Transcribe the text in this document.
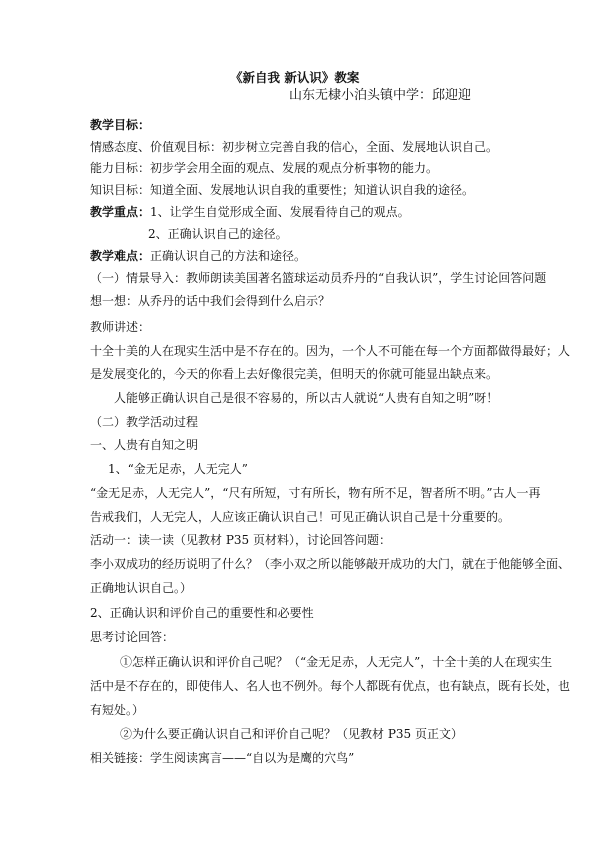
《新自我 新认识》教案
山东无棣小泊头镇中学：邱迎迎
教学目标：
情感态度、价值观目标：初步树立完善自我的信心，全面、发展地认识自己。
能力目标：初步学会用全面的观点、发展的观点分析事物的能力。
知识目标：知道全面、发展地认识自我的重要性；知道认识自我的途径。
教学重点：1、让学生自觉形成全面、发展看待自己的观点。
2、正确认识自己的途径。
教学难点：正确认识自己的方法和途径。
（一）情景导入：教师朗读美国著名篮球运动员乔丹的“自我认识”，学生讨论回答问题
想一想：从乔丹的话中我们会得到什么启示？
教师讲述：
十全十美的人在现实生活中是不存在的。因为，一个人不可能在每一个方面都做得最好；人
是发展变化的，今天的你看上去好像很完美，但明天的你就可能显出缺点来。
人能够正确认识自己是很不容易的，所以古人就说“人贵有自知之明”呀！
（二）教学活动过程
一、人贵有自知之明
1、“金无足赤，人无完人”
“金无足赤，人无完人”，“尺有所短，寸有所长，物有所不足，智者所不明。”古人一再
告戒我们，人无完人，人应该正确认识自己！可见正确认识自己是十分重要的。
活动一：读一读（见教材 P35 页材料），讨论回答问题：
李小双成功的经历说明了什么？（李小双之所以能够敲开成功的大门，就在于他能够全面、
正确地认识自己。）
2、正确认识和评价自己的重要性和必要性
思考讨论回答：
①怎样正确认识和评价自己呢？（“金无足赤，人无完人”，十全十美的人在现实生
活中是不存在的，即使伟人、名人也不例外。每个人都既有优点，也有缺点，既有长处，也
有短处。）
②为什么要正确认识自己和评价自己呢？（见教材 P35 页正文）
相关链接：学生阅读寓言——“自以为是鹰的穴鸟”
